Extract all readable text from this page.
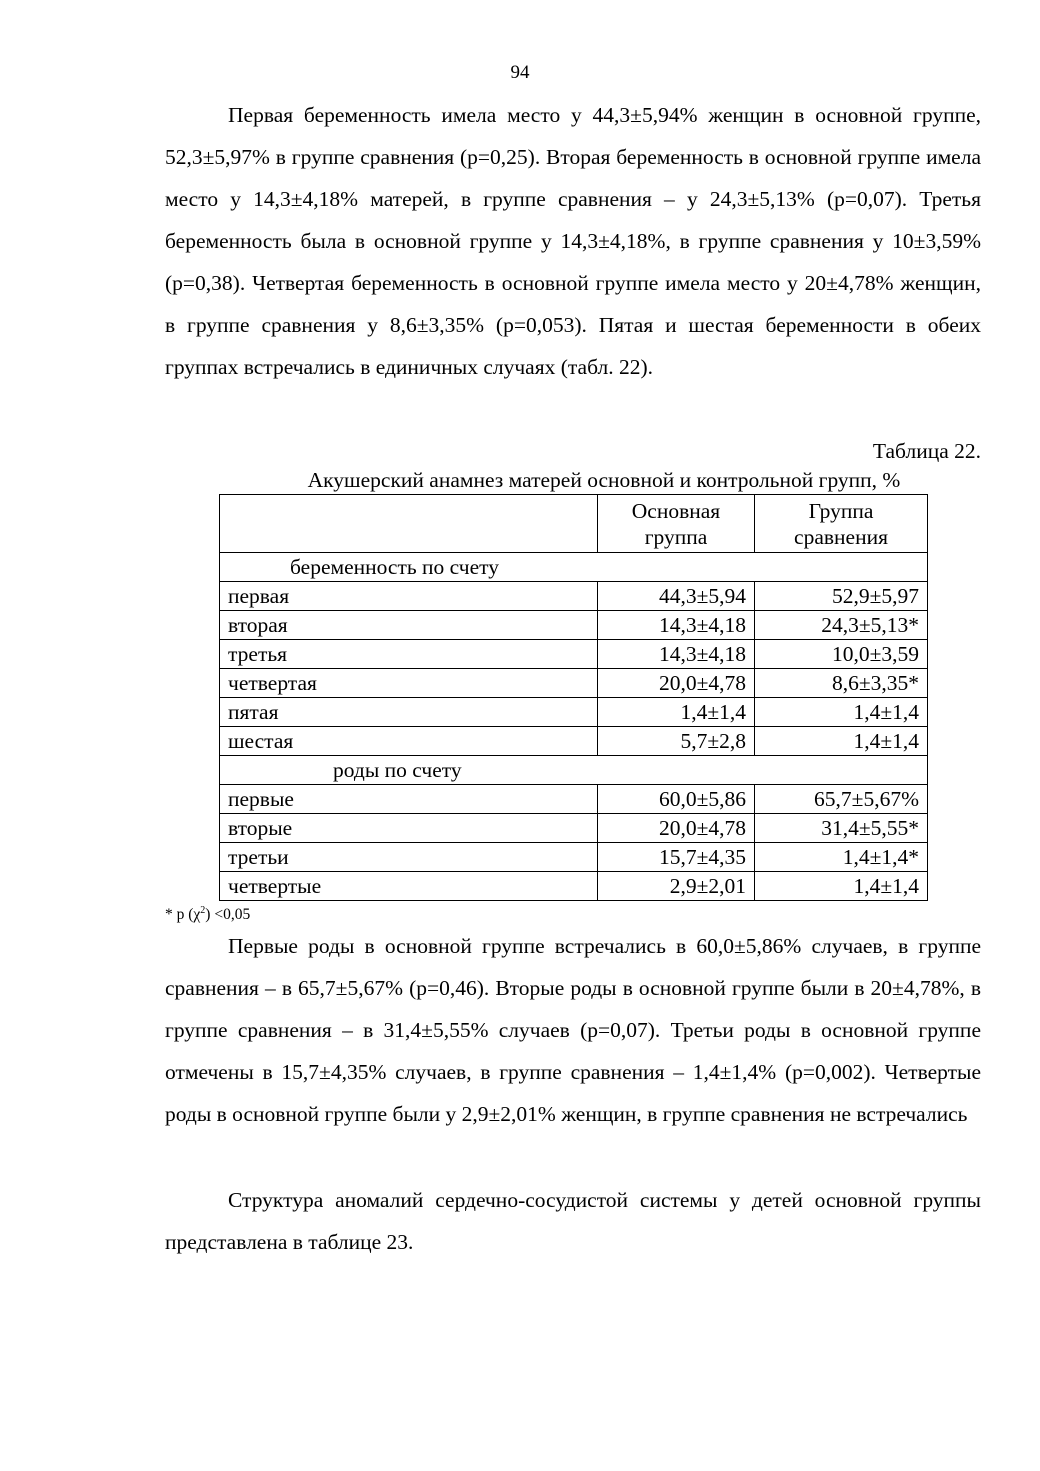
94

Первая беременность имела место у 44,3±5,94% женщин в основной группе, 52,3±5,97% в группе сравнения (р=0,25). Вторая беременность в основной группе имела место у 14,3±4,18% матерей, в группе сравнения – у 24,3±5,13% (р=0,07). Третья беременность была в основной группе у 14,3±4,18%, в группе сравнения у 10±3,59% (р=0,38). Четвертая беременность в основной группе имела место у 20±4,78% женщин, в группе сравнения у 8,6±3,35% (р=0,053). Пятая и шестая беременности в обеих группах встречались в единичных случаях (табл. 22).

Таблица 22.
Акушерский анамнез матерей основной и контрольной групп, %
	Основная группа	Группа сравнения
беременность по счету		
первая	44,3±5,94	52,9±5,97
вторая	14,3±4,18	24,3±5,13*
третья	14,3±4,18	10,0±3,59
четвертая	20,0±4,78	8,6±3,35*
пятая	1,4±1,4	1,4±1,4
шестая	5,7±2,8	1,4±1,4
роды по счету		
первые	60,0±5,86	65,7±5,67%
вторые	20,0±4,78	31,4±5,55*
третьи	15,7±4,35	1,4±1,4*
четвертые	2,9±2,01	1,4±1,4
* р $(\chi^2) <0,05$

Первые роды в основной группе встречались в 60,0±5,86% случаев, в группе сравнения – в 65,7±5,67% (р=0,46). Вторые роды в основной группе были в 20±4,78%, в группе сравнения – в 31,4±5,55% случаев (р=0,07). Третьи роды в основной группе отмечены в 15,7±4,35% случаев, в группе сравнения – 1,4±1,4% (р=0,002). Четвертые роды в основной группе были у 2,9±2,01% женщин, в группе сравнения не встречались

Структура аномалий сердечно-сосудистой системы у детей основной группы представлена в таблице 23.
